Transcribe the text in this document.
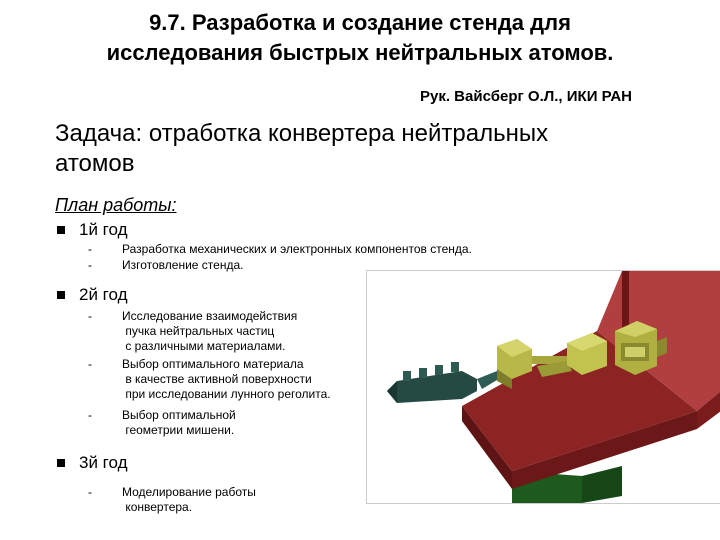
9.7. Разработка и создание стенда для
исследования быстрых нейтральных атомов.
Рук. Вайсберг О.Л., ИКИ РАН
Задача: отработка конвертера нейтральных
атомов
План работы:
1й год
-	Разработка механических и электронных компонентов стенда.
-	Изготовление стенда.
2й год
-	Исследование взаимодействия
пучка нейтральных частиц
с различными материалами.
-	Выбор оптимального материала
в качестве активной поверхности
при исследовании лунного реголита.
-	Выбор оптимальной
геометрии мишени.
3й год
-	Моделирование работы
конвертера.
